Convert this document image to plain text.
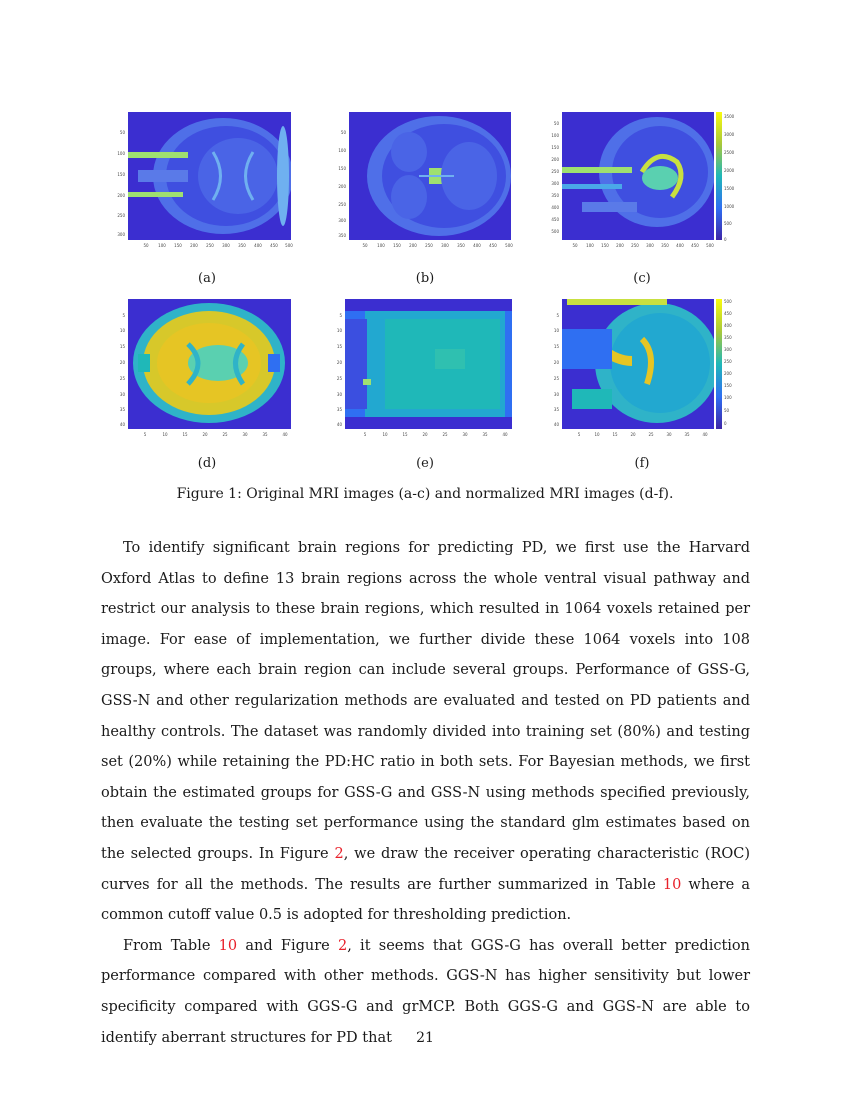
(a)
50
100
150
200
250
300
50	100	150	200	250	300	350	400	450	500
(b)
50
100
150
200
250
300
350
50	100	150	200	250	300	350	400	450	500
(c)
50
100
150
200
250
300
350
400
450
500
50	100	150	200	250	300	350	400	450	500
3500
3000
2500
2000
1500
1000
500
0
(d)
5
10
15
20
25
30
35
40
5	10	15	20	25	30	35	40
(e)
5
10
15
20
25
30
35
40
5	10	15	20	25	30	35	40
(f)
5
10
15
20
25
30
35
40
5	10	15	20	25	30	35	40
500
450
400
350
300
250
200
150
100
50
0
Figure 1: Original MRI images (a-c) and normalized MRI images (d-f).

To identify significant brain regions for predicting PD, we first use the Harvard Oxford Atlas to define 13 brain regions across the whole ventral visual pathway and restrict our analysis to these brain regions, which resulted in 1064 voxels retained per image. For ease of implementation, we further divide these 1064 voxels into 108 groups, where each brain region can include several groups. Performance of GSS-G, GSS-N and other regularization methods are evaluated and tested on PD patients and healthy controls. The dataset was randomly divided into training set (80%) and testing set (20%) while retaining the PD:HC ratio in both sets. For Bayesian methods, we first obtain the estimated groups for GSS-G and GSS-N using methods specified previously, then evaluate the testing set performance using the standard glm estimates based on the selected groups. In Figure 2, we draw the receiver operating characteristic (ROC) curves for all the methods. The results are further summarized in Table 10 where a common cutoff value 0.5 is adopted for thresholding prediction.

From Table 10 and Figure 2, it seems that GGS-G has overall better prediction performance compared with other methods. GGS-N has higher sensitivity but lower specificity compared with GGS-G and grMCP. Both GGS-G and GGS-N are able to identify aberrant structures for PD that	21
